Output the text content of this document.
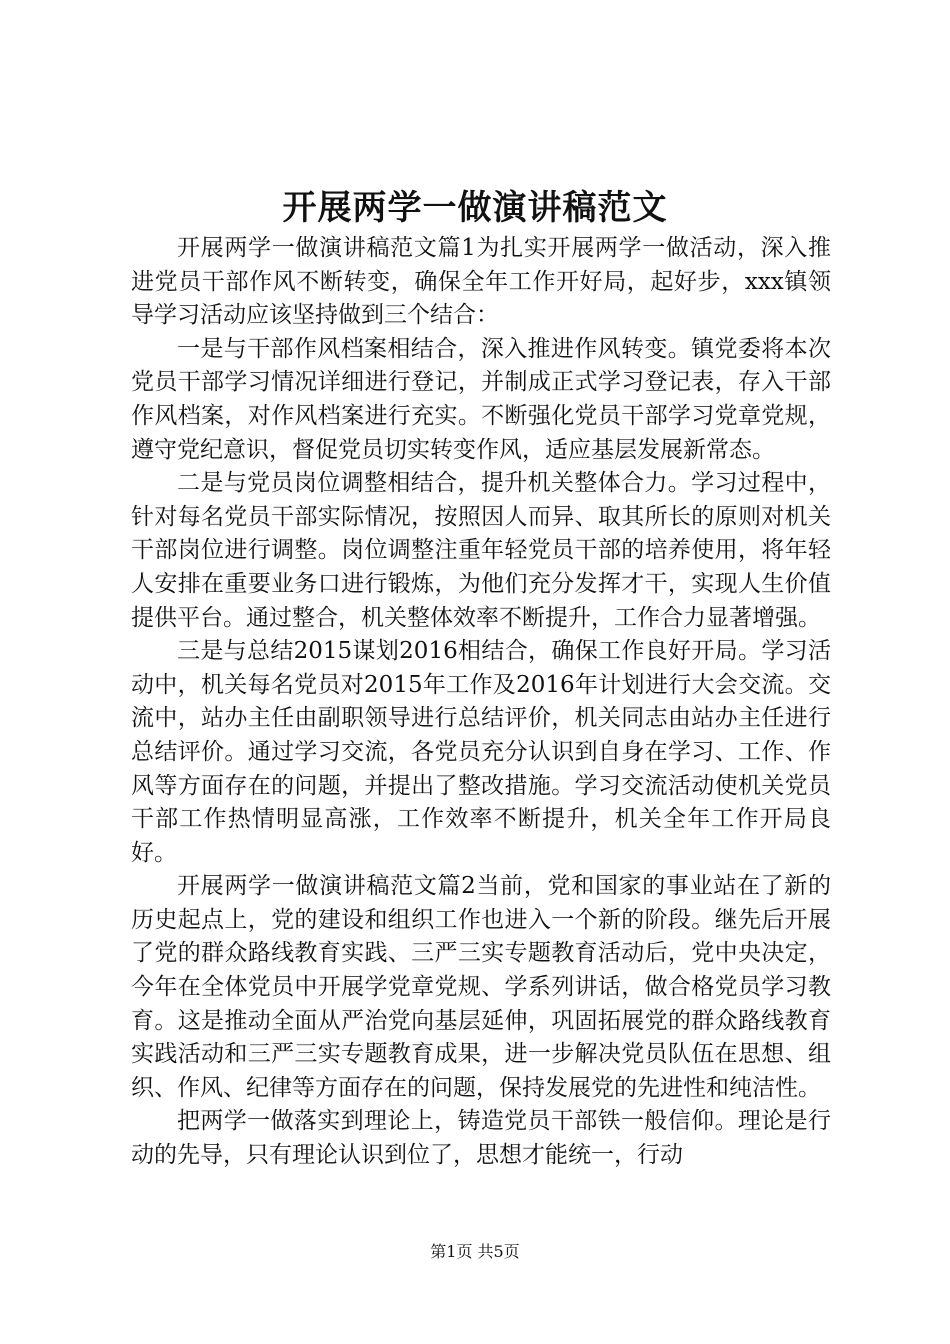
开展两学一做演讲稿范文

开展两学一做演讲稿范文篇1为扎实开展两学一做活动，深入推进党员干部作风不断转变，确保全年工作开好局，起好步，xxx镇领导学习活动应该坚持做到三个结合：

一是与干部作风档案相结合，深入推进作风转变。镇党委将本次党员干部学习情况详细进行登记，并制成正式学习登记表，存入干部作风档案，对作风档案进行充实。不断强化党员干部学习党章党规，遵守党纪意识，督促党员切实转变作风，适应基层发展新常态。

二是与党员岗位调整相结合，提升机关整体合力。学习过程中，针对每名党员干部实际情况，按照因人而异、取其所长的原则对机关干部岗位进行调整。岗位调整注重年轻党员干部的培养使用，将年轻人安排在重要业务口进行锻炼，为他们充分发挥才干，实现人生价值提供平台。通过整合，机关整体效率不断提升，工作合力显著增强。

三是与总结2015谋划2016相结合，确保工作良好开局。学习活动中，机关每名党员对2015年工作及2016年计划进行大会交流。交流中，站办主任由副职领导进行总结评价，机关同志由站办主任进行总结评价。通过学习交流，各党员充分认识到自身在学习、工作、作风等方面存在的问题，并提出了整改措施。学习交流活动使机关党员干部工作热情明显高涨，工作效率不断提升，机关全年工作开局良好。

开展两学一做演讲稿范文篇2当前，党和国家的事业站在了新的历史起点上，党的建设和组织工作也进入一个新的阶段。继先后开展了党的群众路线教育实践、三严三实专题教育活动后，党中央决定，今年在全体党员中开展学党章党规、学系列讲话，做合格党员学习教育。这是推动全面从严治党向基层延伸，巩固拓展党的群众路线教育实践活动和三严三实专题教育成果，进一步解决党员队伍在思想、组织、作风、纪律等方面存在的问题，保持发展党的先进性和纯洁性。

把两学一做落实到理论上，铸造党员干部铁一般信仰。理论是行动的先导，只有理论认识到位了，思想才能统一，行动

第1页 共5页
